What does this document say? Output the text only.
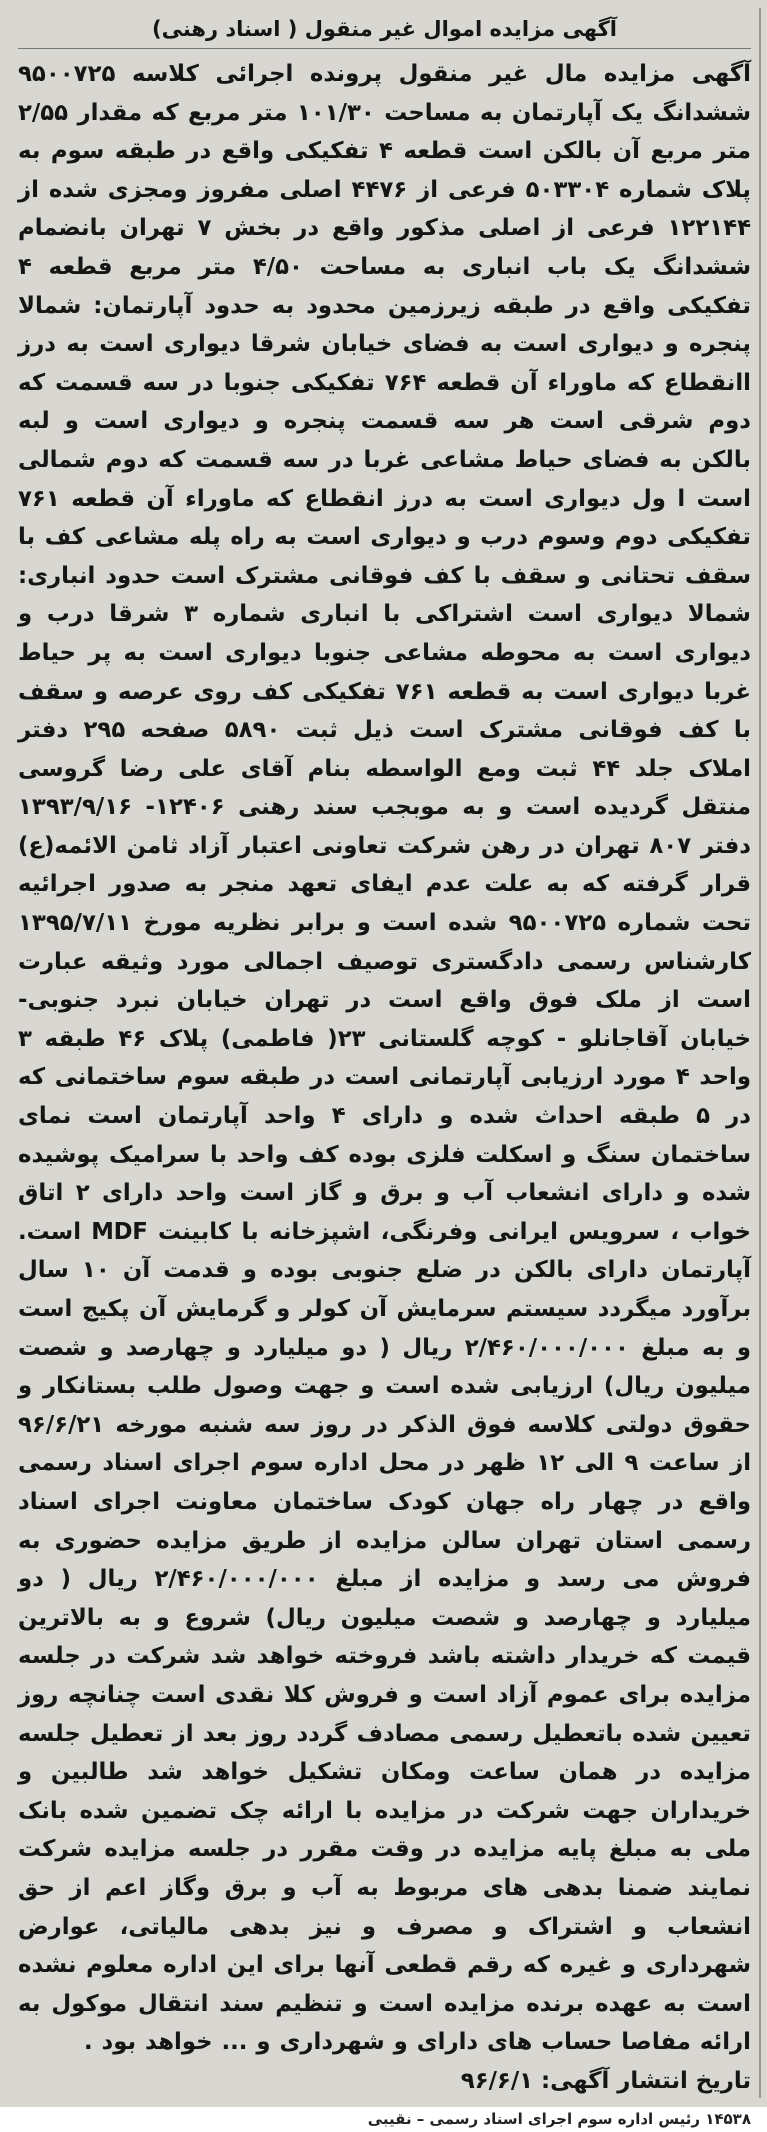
آگهی مزایده اموال غیر منقول ( اسناد رهنی)
آگهی مزایده مال غیر منقول پرونده اجرائی کلاسه ۹۵۰۰۷۲۵ ششدانگ یک آپارتمان به مساحت ۱۰۱/۳۰ متر مربع که مقدار ۲/۵۵ متر مربع آن بالکن است قطعه ۴ تفکیکی واقع در طبقه سوم به پلاک شماره ۵۰۳۳۰۴ فرعی از ۴۴۷۶ اصلی مفروز ومجزی شده از ۱۲۲۱۴۴ فرعی از اصلی مذکور واقع در بخش ۷ تهران بانضمام ششدانگ یک باب انباری به مساحت ۴/۵۰ متر مربع قطعه ۴ تفکیکی واقع در طبقه زیرزمین محدود به حدود آپارتمان: شمالا پنجره و دیواری است به فضای خیابان شرقا دیواری است به درز اانقطاع که ماوراء آن قطعه ۷۶۴ تفکیکی جنوبا در سه قسمت که دوم شرقی است هر سه قسمت پنجره و دیواری است و لبه بالکن به فضای حیاط مشاعی غربا در سه قسمت که دوم شمالی است ا ول دیواری است به درز انقطاع که ماوراء آن قطعه ۷۶۱ تفکیکی دوم وسوم درب و دیواری است به راه پله مشاعی کف با سقف تحتانی و سقف با کف فوقانی مشترک است حدود انباری: شمالا دیواری است اشتراکی با انباری شماره ۳ شرقا درب و دیواری است به محوطه مشاعی جنوبا دیواری است به پر حیاط غربا دیواری است به قطعه ۷۶۱ تفکیکی کف روی عرصه و سقف با کف فوقانی مشترک است ذیل ثبت ۵۸۹۰ صفحه ۲۹۵ دفتر املاک جلد ۴۴ ثبت ومع الواسطه بنام آقای علی رضا گروسی منتقل گردیده است و به موبجب سند رهنی ۱۲۴۰۶- ۱۳۹۳/۹/۱۶ دفتر ۸۰۷ تهران در رهن شرکت تعاونی اعتبار آزاد ثامن الائمه(ع) قرار گرفته که به علت عدم ایفای تعهد منجر به صدور اجرائیه تحت شماره ۹۵۰۰۷۲۵ شده است و برابر نظریه مورخ ۱۳۹۵/۷/۱۱ کارشناس رسمی دادگستری توصیف اجمالی مورد وثیقه عبارت است از ملک فوق واقع است در تهران خیابان نبرد جنوبی- خیابان آقاجانلو - کوچه گلستانی ۲۳( فاطمی) پلاک ۴۶ طبقه ۳ واحد ۴ مورد ارزیابی آپارتمانی است در طبقه سوم ساختمانی که در ۵ طبقه احداث شده و دارای ۴ واحد آپارتمان است نمای ساختمان سنگ و اسکلت فلزی بوده کف واحد با سرامیک پوشیده شده و دارای انشعاب آب و برق و گاز است واحد دارای ۲ اتاق خواب ، سرویس ایرانی وفرنگی، اشپزخانه با کابینت MDF است. آپارتمان دارای بالکن در ضلع جنوبی بوده و قدمت آن ۱۰ سال برآورد میگردد سیستم سرمایش آن کولر و گرمایش آن پکیج است و به مبلغ ۲/۴۶۰/۰۰۰/۰۰۰ ریال ( دو میلیارد و چهارصد و شصت میلیون ریال) ارزیابی شده است و جهت وصول طلب بستانکار و حقوق دولتی کلاسه فوق الذکر در روز سه شنبه مورخه ۹۶/۶/۲۱ از ساعت ۹ الی ۱۲ ظهر در محل اداره سوم اجرای اسناد رسمی واقع در چهار راه جهان کودک ساختمان معاونت اجرای اسناد رسمی استان تهران سالن مزایده از طریق مزایده حضوری به فروش می رسد و مزایده از مبلغ ۲/۴۶۰/۰۰۰/۰۰۰ ریال ( دو میلیارد و چهارصد و شصت میلیون ریال) شروع و به بالاترین قیمت که خریدار داشته باشد فروخته خواهد شد شرکت در جلسه مزایده برای عموم آزاد است و فروش کلا نقدی است چنانچه روز تعیین شده باتعطیل رسمی مصادف گردد روز بعد از تعطیل جلسه مزایده در همان ساعت ومکان تشکیل خواهد شد طالبین و خریداران جهت شرکت در مزایده با ارائه چک تضمین شده بانک ملی به مبلغ پایه مزایده در وقت مقرر در جلسه مزایده شرکت نمایند ضمنا بدهی های مربوط به آب و برق وگاز اعم از حق انشعاب و اشتراک و مصرف و نیز بدهی مالیاتی، عوارض شهرداری و غیره که رقم قطعی آنها برای این اداره معلوم نشده است به عهده برنده مزایده است و تنظیم سند انتقال موکول به ارائه مفاصا حساب های دارای و شهرداری و ... خواهد بود .
تاریخ انتشار آگهی: ۹۶/۶/۱
۱۴۵۳۸ رئیس اداره سوم اجرای اسناد رسمی – نقیبی
